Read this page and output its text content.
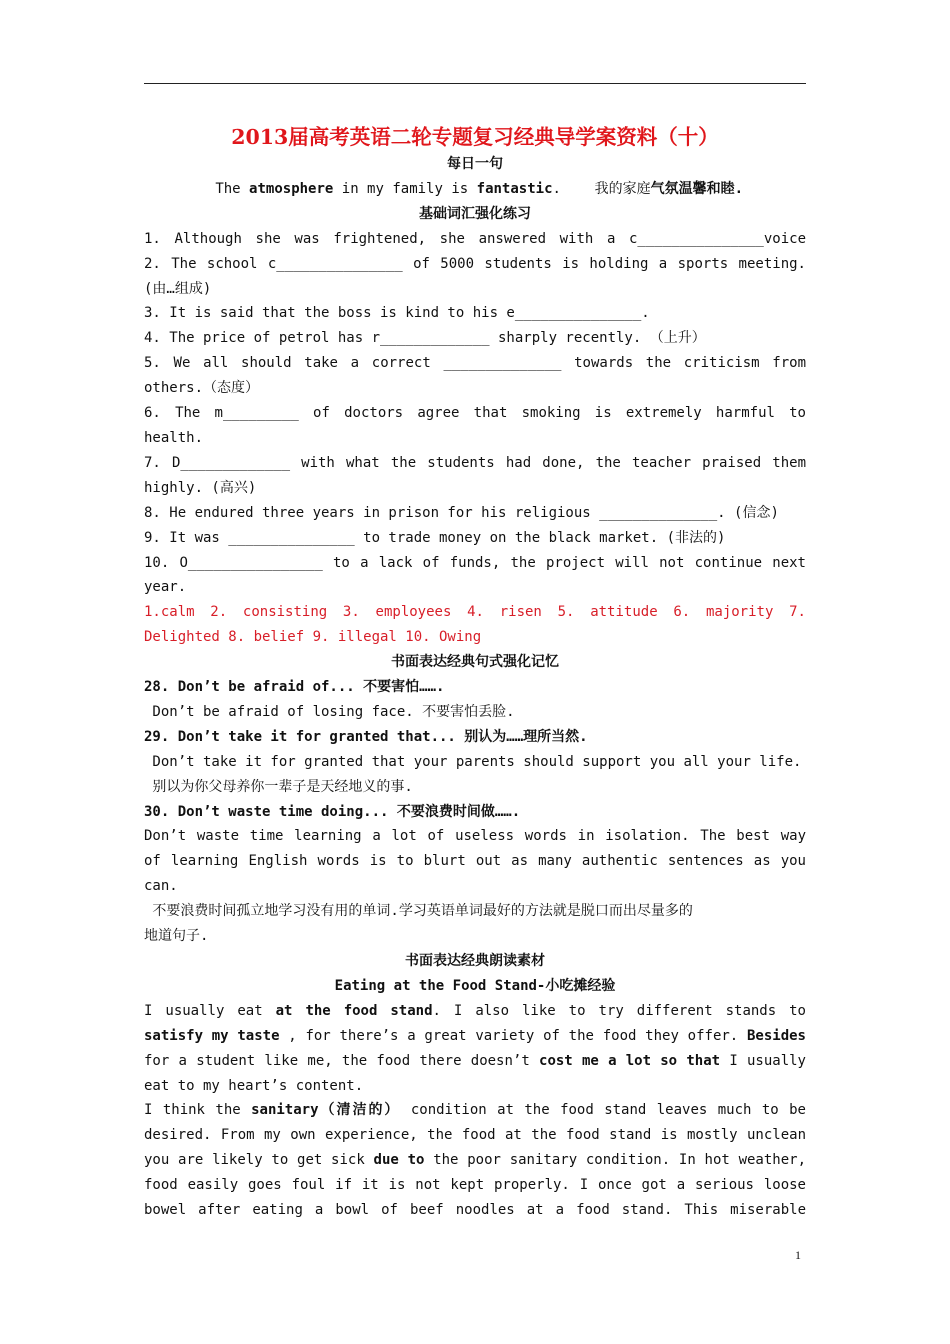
2013届高考英语二轮专题复习经典导学案资料（十）
每日一句
The atmosphere in my family is fantastic.    我的家庭气氛温馨和睦.
基础词汇强化练习
1. Although she was frightened, she answered with a c_______________voice
2. The school c_______________ of 5000 students is holding a sports meeting.
(由…组成)
3. It is said that the boss is kind to his e_______________.
4. The price of petrol has r_____________ sharply recently. （上升）
5. We all should take a correct ______________ towards the criticism from
others.（态度）
6. The m_________ of doctors agree that smoking is extremely harmful to
health.
7. D_____________ with what the students had done, the teacher praised them
highly. (高兴)
8. He endured three years in prison for his religious ______________. (信念)
9. It was _______________ to trade money on the black market. (非法的)
10. O________________ to a lack of funds, the project will not continue next
year.
1.calm 2. consisting 3. employees 4. risen 5. attitude 6. majority 7.
Delighted 8. belief 9. illegal 10. Owing
书面表达经典句式强化记忆
28. Don’t be afraid of... 不要害怕…….
Don’t be afraid of losing face. 不要害怕丢脸.
29. Don’t take it for granted that... 别认为……理所当然.
Don’t take it for granted that your parents should support you all your life.
别以为你父母养你一辈子是天经地义的事.
30. Don’t waste time doing... 不要浪费时间做…….
Don’t waste time learning a lot of useless words in isolation. The best way
of learning English words is to blurt out as many authentic sentences as you
can.
不要浪费时间孤立地学习没有用的单词.学习英语单词最好的方法就是脱口而出尽量多的
地道句子.
书面表达经典朗读素材
Eating at the Food Stand-小吃摊经验
I usually eat at the food stand. I also like to try different stands to
satisfy my taste , for there’s a great variety of the food they offer. Besides
for a student like me, the food there doesn’t cost me a lot so that I usually
eat to my heart’s content.
I think the sanitary（清洁的） condition at the food stand leaves much to be
desired. From my own experience, the food at the food stand is mostly unclean
you are likely to get sick due to the poor sanitary condition. In hot weather,
food easily goes foul if it is not kept properly. I once got a serious loose
bowel after eating a bowl of beef noodles at a food stand. This miserable
1
